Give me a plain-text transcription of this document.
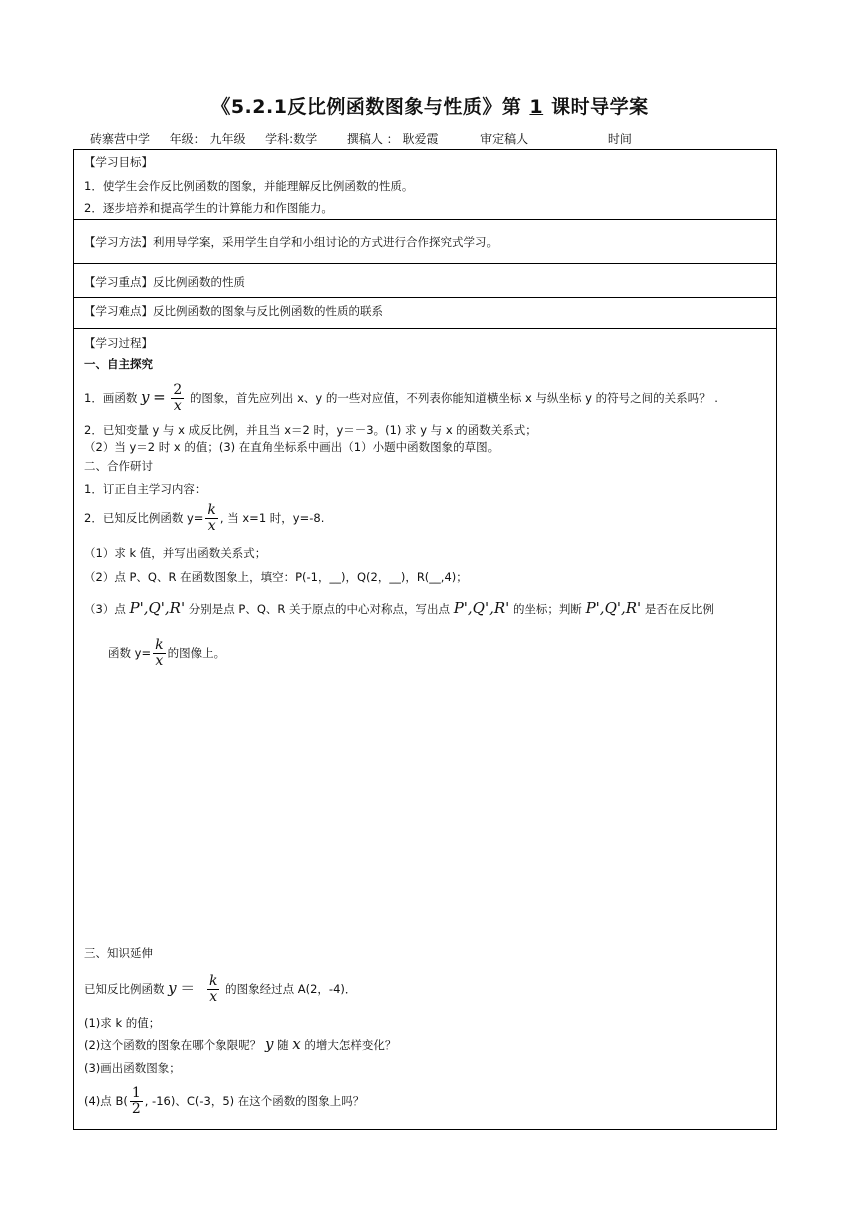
《5.2.1反比例函数图象与性质》第 1 课时导学案
砖寨营中学 年级： 九年级 学科:数学 撰稿人 ： 耿爱霞	审定稿人	时间
【学习目标】
1．使学生会作反比例函数的图象，并能理解反比例函数的性质。
2．逐步培养和提高学生的计算能力和作图能力。
【学习方法】利用导学案，采用学生自学和小组讨论的方式进行合作探究式学习。
【学习重点】反比例函数的性质
【学习难点】反比例函数的图象与反比例函数的性质的联系
【学习过程】
一、自主探究
1．画函数 $y = \frac{2}{x}$ 的图象，首先应列出 x、y 的一些对应值，不列表你能知道横坐标 x 与纵坐标 y 的符号之间的关系吗？ .
2．已知变量 y 与 x 成反比例，并且当 x＝2 时，y＝－3。(1) 求 y 与 x 的函数关系式；
（2）当 y＝2 时 x 的值；(3) 在直角坐标系中画出（1）小题中函数图象的草图。
二、合作研讨
1．订正自主学习内容：
2．已知反比例函数 $y= \frac{k}{x}$ , 当 x=1 时，y=-8.
（1）求 k 值，并写出函数关系式；
（2）点 P、Q、R 在函数图象上，填空：P(-1，__)，Q(2，__)，R(__,4)；
（3）点 P',Q',R' 分别是点 P、Q、R 关于原点的中心对称点，写出点 P',Q',R' 的坐标；判断 P',Q',R' 是否在反比例
函数 $y= \frac{k}{x}$ 的图像上。
三、知识延伸
已知反比例函数 $y = \frac{k}{x}$ 的图象经过点 A(2，-4)．
(1)求 k 的值；
(2)这个函数的图象在哪个象限呢？ y 随 x 的增大怎样变化？
(3)画出函数图象；
(4)点 $B( \frac{1}{2}$ , -16)、C(-3，5) 在这个函数的图象上吗？
